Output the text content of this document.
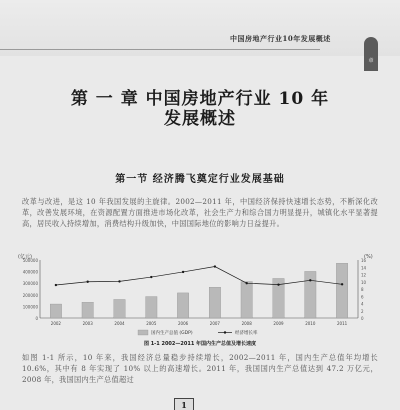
中国房地产行业10年发展概述
章
第 一 章 中国房地产行业 10 年
发展概述
第一节 经济腾飞奠定行业发展基础
改革与改进，是这 10 年我国发展的主旋律。2002—2011 年，中国经济保持快速增长态势，不断深化改革，改善发展环境，在资源配置方面推进市场化改革，社会生产力和综合国力明显提升，城镇化水平显著提高，居民收入持续增加，消费结构升级加快，中国国际地位的影响力日益提升。
(亿元)	(%)
0
100000
200000
300000
400000
500000
0
2
4
6
8
10
12
14
16
2002	2003	2004	2005	2006	2007	2008	2009	2010	2011
国内生产总值 (GDP)	经济增长率
图 1-1 2002—2011 年国内生产总值及增长速度
如图 1-1 所示，10 年来，我国经济总量稳步持续增长，2002—2011 年，国内生产总值年均增长 10.6%，其中有 8 年实现了 10% 以上的高速增长。2011 年，我国国内生产总值达到 47.2 万亿元，2008 年，我国国内生产总值超过
1
